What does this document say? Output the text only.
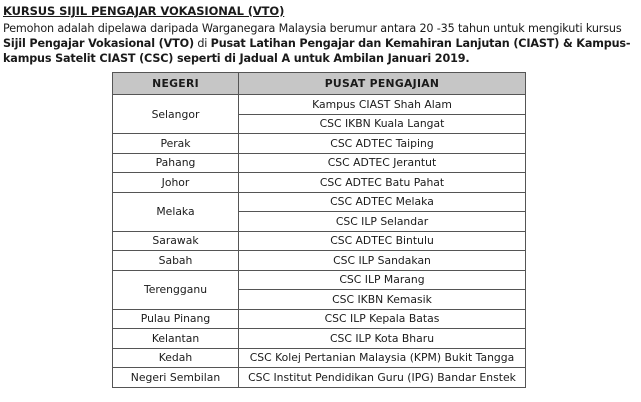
KURSUS SIJIL PENGAJAR VOKASIONAL (VTO)
Pemohon adalah dipelawa daripada Warganegara Malaysia berumur antara 20 -35 tahun untuk mengikuti kursus Sijil Pengajar Vokasional (VTO) di Pusat Latihan Pengajar dan Kemahiran Lanjutan (CIAST) & Kampus-kampus Satelit CIAST (CSC) seperti di Jadual A untuk Ambilan Januari 2019.
NEGERI	PUSAT PENGAJIAN
Selangor	Kampus CIAST Shah Alam
	CSC IKBN Kuala Langat
Perak	CSC ADTEC Taiping
Pahang	CSC ADTEC Jerantut
Johor	CSC ADTEC Batu Pahat
Melaka	CSC ADTEC Melaka
	CSC ILP Selandar
Sarawak	CSC ADTEC Bintulu
Sabah	CSC ILP Sandakan
Terengganu	CSC ILP Marang
	CSC IKBN Kemasik
Pulau Pinang	CSC ILP Kepala Batas
Kelantan	CSC ILP Kota Bharu
Kedah	CSC Kolej Pertanian Malaysia (KPM) Bukit Tangga
Negeri Sembilan	CSC Institut Pendidikan Guru (IPG) Bandar Enstek
